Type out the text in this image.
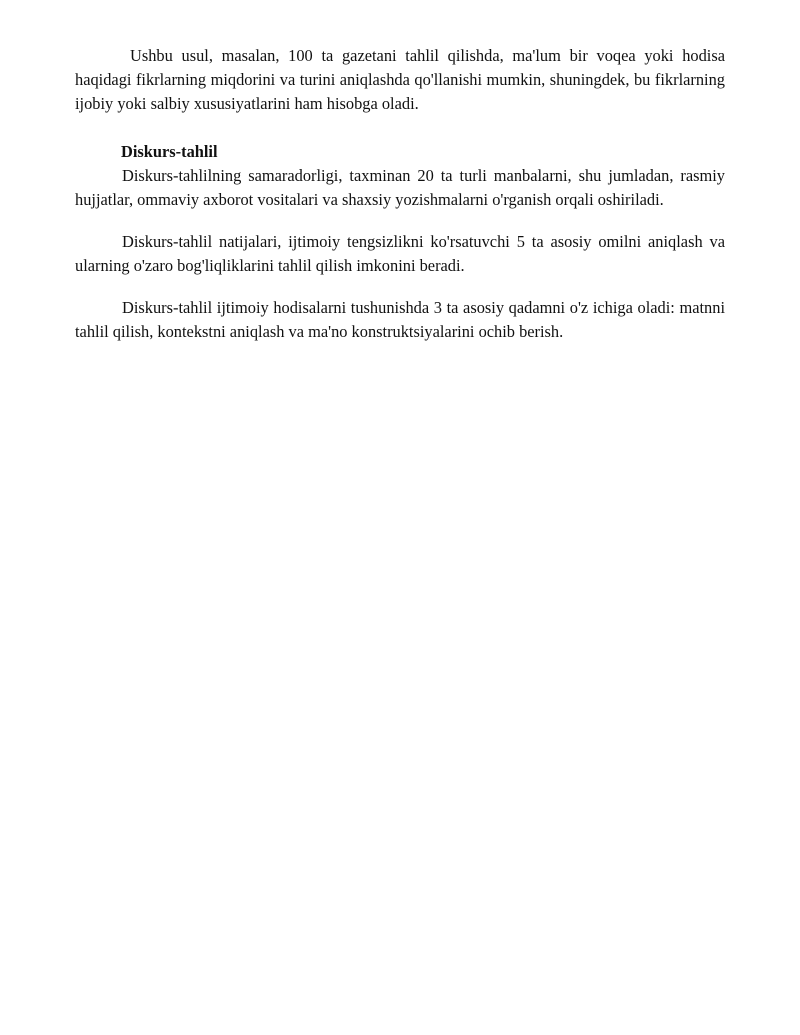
Ushbu usul, masalan, 100 ta gazetani tahlil qilishda, ma'lum bir voqea yoki hodisa haqidagi fikrlarning miqdorini va turini aniqlashda qo'llanishi mumkin, shuningdek, bu fikrlarning ijobiy yoki salbiy xususiyatlarini ham hisobga oladi.

Diskurs-tahlil

Diskurs-tahlilning samaradorligi, taxminan 20 ta turli manbalarni, shu jumladan, rasmiy hujjatlar, ommaviy axborot vositalari va shaxsiy yozishmalarni o'rganish orqali oshiriladi.

Diskurs-tahlil natijalari, ijtimoiy tengsizlikni ko'rsatuvchi 5 ta asosiy omilni aniqlash va ularning o'zaro bog'liqliklarini tahlil qilish imkonini beradi.

Diskurs-tahlil ijtimoiy hodisalarni tushunishda 3 ta asosiy qadamni o'z ichiga oladi: matnni tahlil qilish, kontekstni aniqlash va ma'no konstruktsiyalarini ochib berish.
